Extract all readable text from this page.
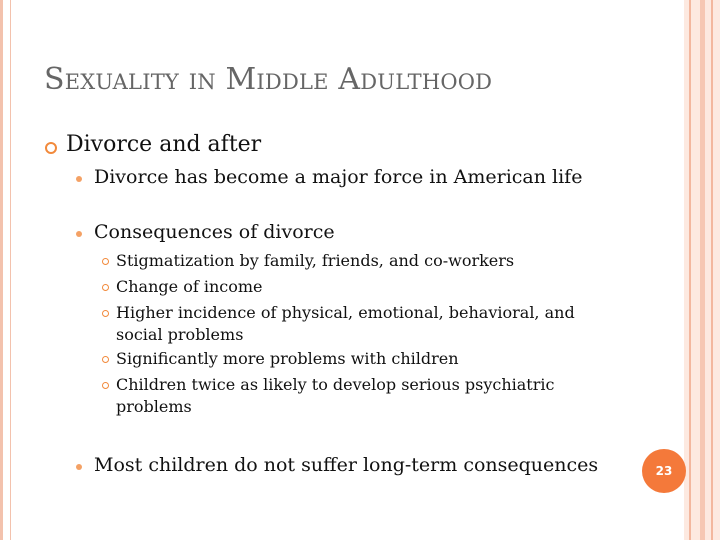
Sexuality in Middle Adulthood
Divorce and after
Divorce has become a major force in American life
Consequences of divorce
Stigmatization by family, friends, and co-workers
Change of income
Higher incidence of physical, emotional, behavioral, and social problems
Significantly more problems with children
Children twice as likely to develop serious psychiatric problems
Most children do not suffer long-term consequences	23
